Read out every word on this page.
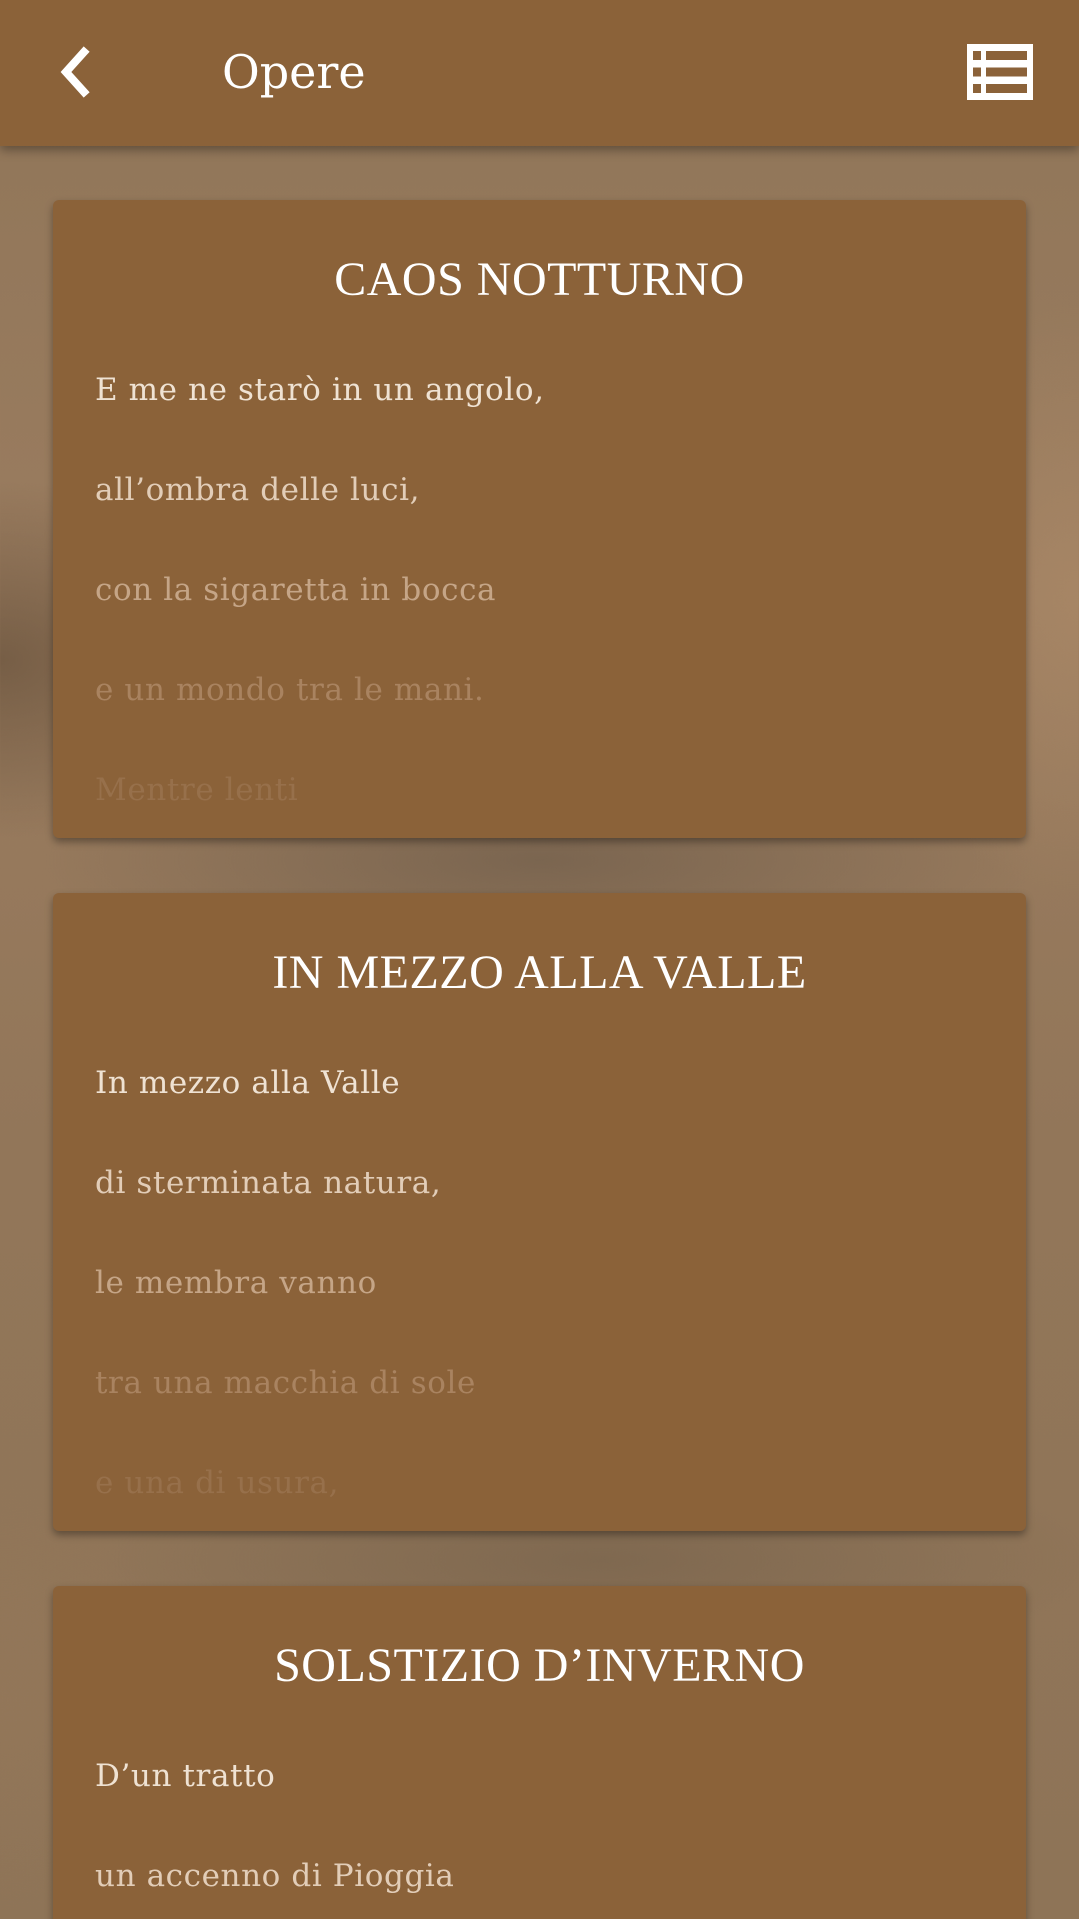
Opere
CAOS NOTTURNO
E me ne starò in un angolo,
all’ombra delle luci,
con la sigaretta in bocca
e un mondo tra le mani.
Mentre lenti
IN MEZZO ALLA VALLE
In mezzo alla Valle
di sterminata natura,
le membra vanno
tra una macchia di sole
e una di usura,
SOLSTIZIO D’INVERNO
D’un tratto
un accenno di Pioggia
